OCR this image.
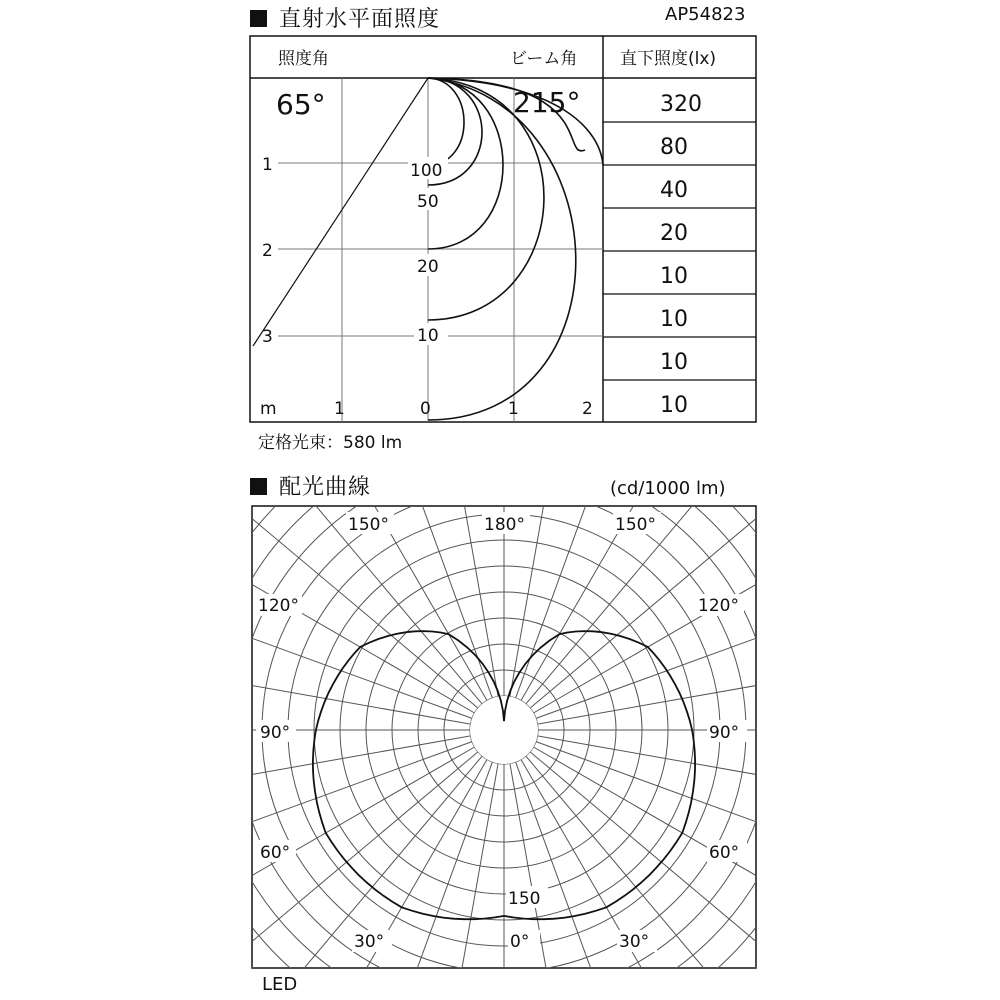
直射水平面照度	AP54823
照度角	ビーム角	直下照度(lx)
65°	215°
1
2
3
m	1	0	1	2
100
50
20
10
320
80
40
20
10
10
10
10
定格光束：580 lm
配光曲線	(cd/1000 lm)
150°	180°	150°
120°	120°
90°	90°
60°	60°
30°	0°	30°
150
LED
